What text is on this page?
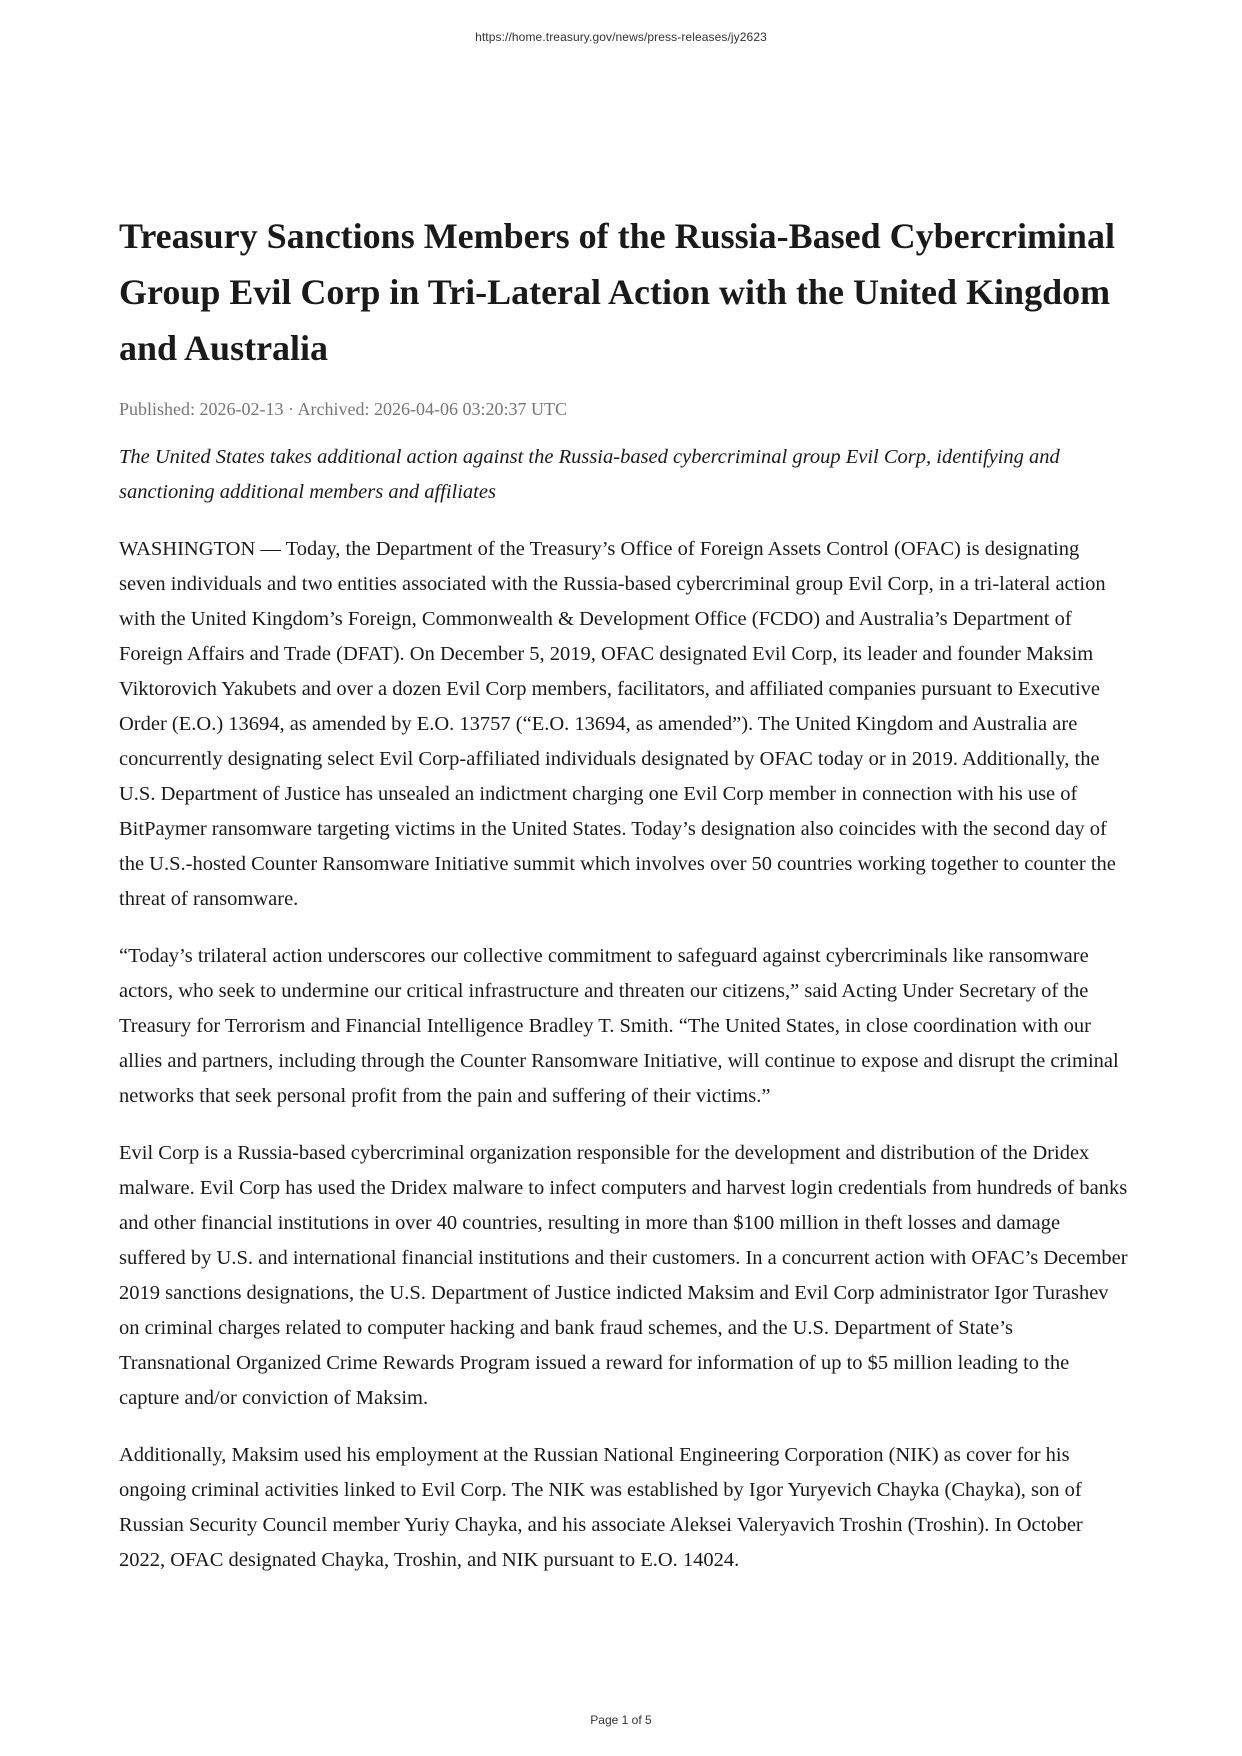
https://home.treasury.gov/news/press-releases/jy2623
Treasury Sanctions Members of the Russia-Based Cybercriminal Group Evil Corp in Tri-Lateral Action with the United Kingdom and Australia
Published: 2026-02-13 · Archived: 2026-04-06 03:20:37 UTC
The United States takes additional action against the Russia-based cybercriminal group Evil Corp, identifying and sanctioning additional members and affiliates

WASHINGTON — Today, the Department of the Treasury’s Office of Foreign Assets Control (OFAC) is designating seven individuals and two entities associated with the Russia-based cybercriminal group Evil Corp, in a tri-lateral action with the United Kingdom’s Foreign, Commonwealth & Development Office (FCDO) and Australia’s Department of Foreign Affairs and Trade (DFAT). On December 5, 2019, OFAC designated Evil Corp, its leader and founder Maksim Viktorovich Yakubets and over a dozen Evil Corp members, facilitators, and affiliated companies pursuant to Executive Order (E.O.) 13694, as amended by E.O. 13757 (“E.O. 13694, as amended”). The United Kingdom and Australia are concurrently designating select Evil Corp-affiliated individuals designated by OFAC today or in 2019. Additionally, the U.S. Department of Justice has unsealed an indictment charging one Evil Corp member in connection with his use of BitPaymer ransomware targeting victims in the United States. Today’s designation also coincides with the second day of the U.S.-hosted Counter Ransomware Initiative summit which involves over 50 countries working together to counter the threat of ransomware.

“Today’s trilateral action underscores our collective commitment to safeguard against cybercriminals like ransomware actors, who seek to undermine our critical infrastructure and threaten our citizens,” said Acting Under Secretary of the Treasury for Terrorism and Financial Intelligence Bradley T. Smith. “The United States, in close coordination with our allies and partners, including through the Counter Ransomware Initiative, will continue to expose and disrupt the criminal networks that seek personal profit from the pain and suffering of their victims.”

Evil Corp is a Russia-based cybercriminal organization responsible for the development and distribution of the Dridex malware. Evil Corp has used the Dridex malware to infect computers and harvest login credentials from hundreds of banks and other financial institutions in over 40 countries, resulting in more than $100 million in theft losses and damage suffered by U.S. and international financial institutions and their customers. In a concurrent action with OFAC’s December 2019 sanctions designations, the U.S. Department of Justice indicted Maksim and Evil Corp administrator Igor Turashev on criminal charges related to computer hacking and bank fraud schemes, and the U.S. Department of State’s Transnational Organized Crime Rewards Program issued a reward for information of up to $5 million leading to the capture and/or conviction of Maksim.

Additionally, Maksim used his employment at the Russian National Engineering Corporation (NIK) as cover for his ongoing criminal activities linked to Evil Corp. The NIK was established by Igor Yuryevich Chayka (Chayka), son of Russian Security Council member Yuriy Chayka, and his associate Aleksei Valeryavich Troshin (Troshin). In October 2022, OFAC designated Chayka, Troshin, and NIK pursuant to E.O. 14024.

Page 1 of 5
